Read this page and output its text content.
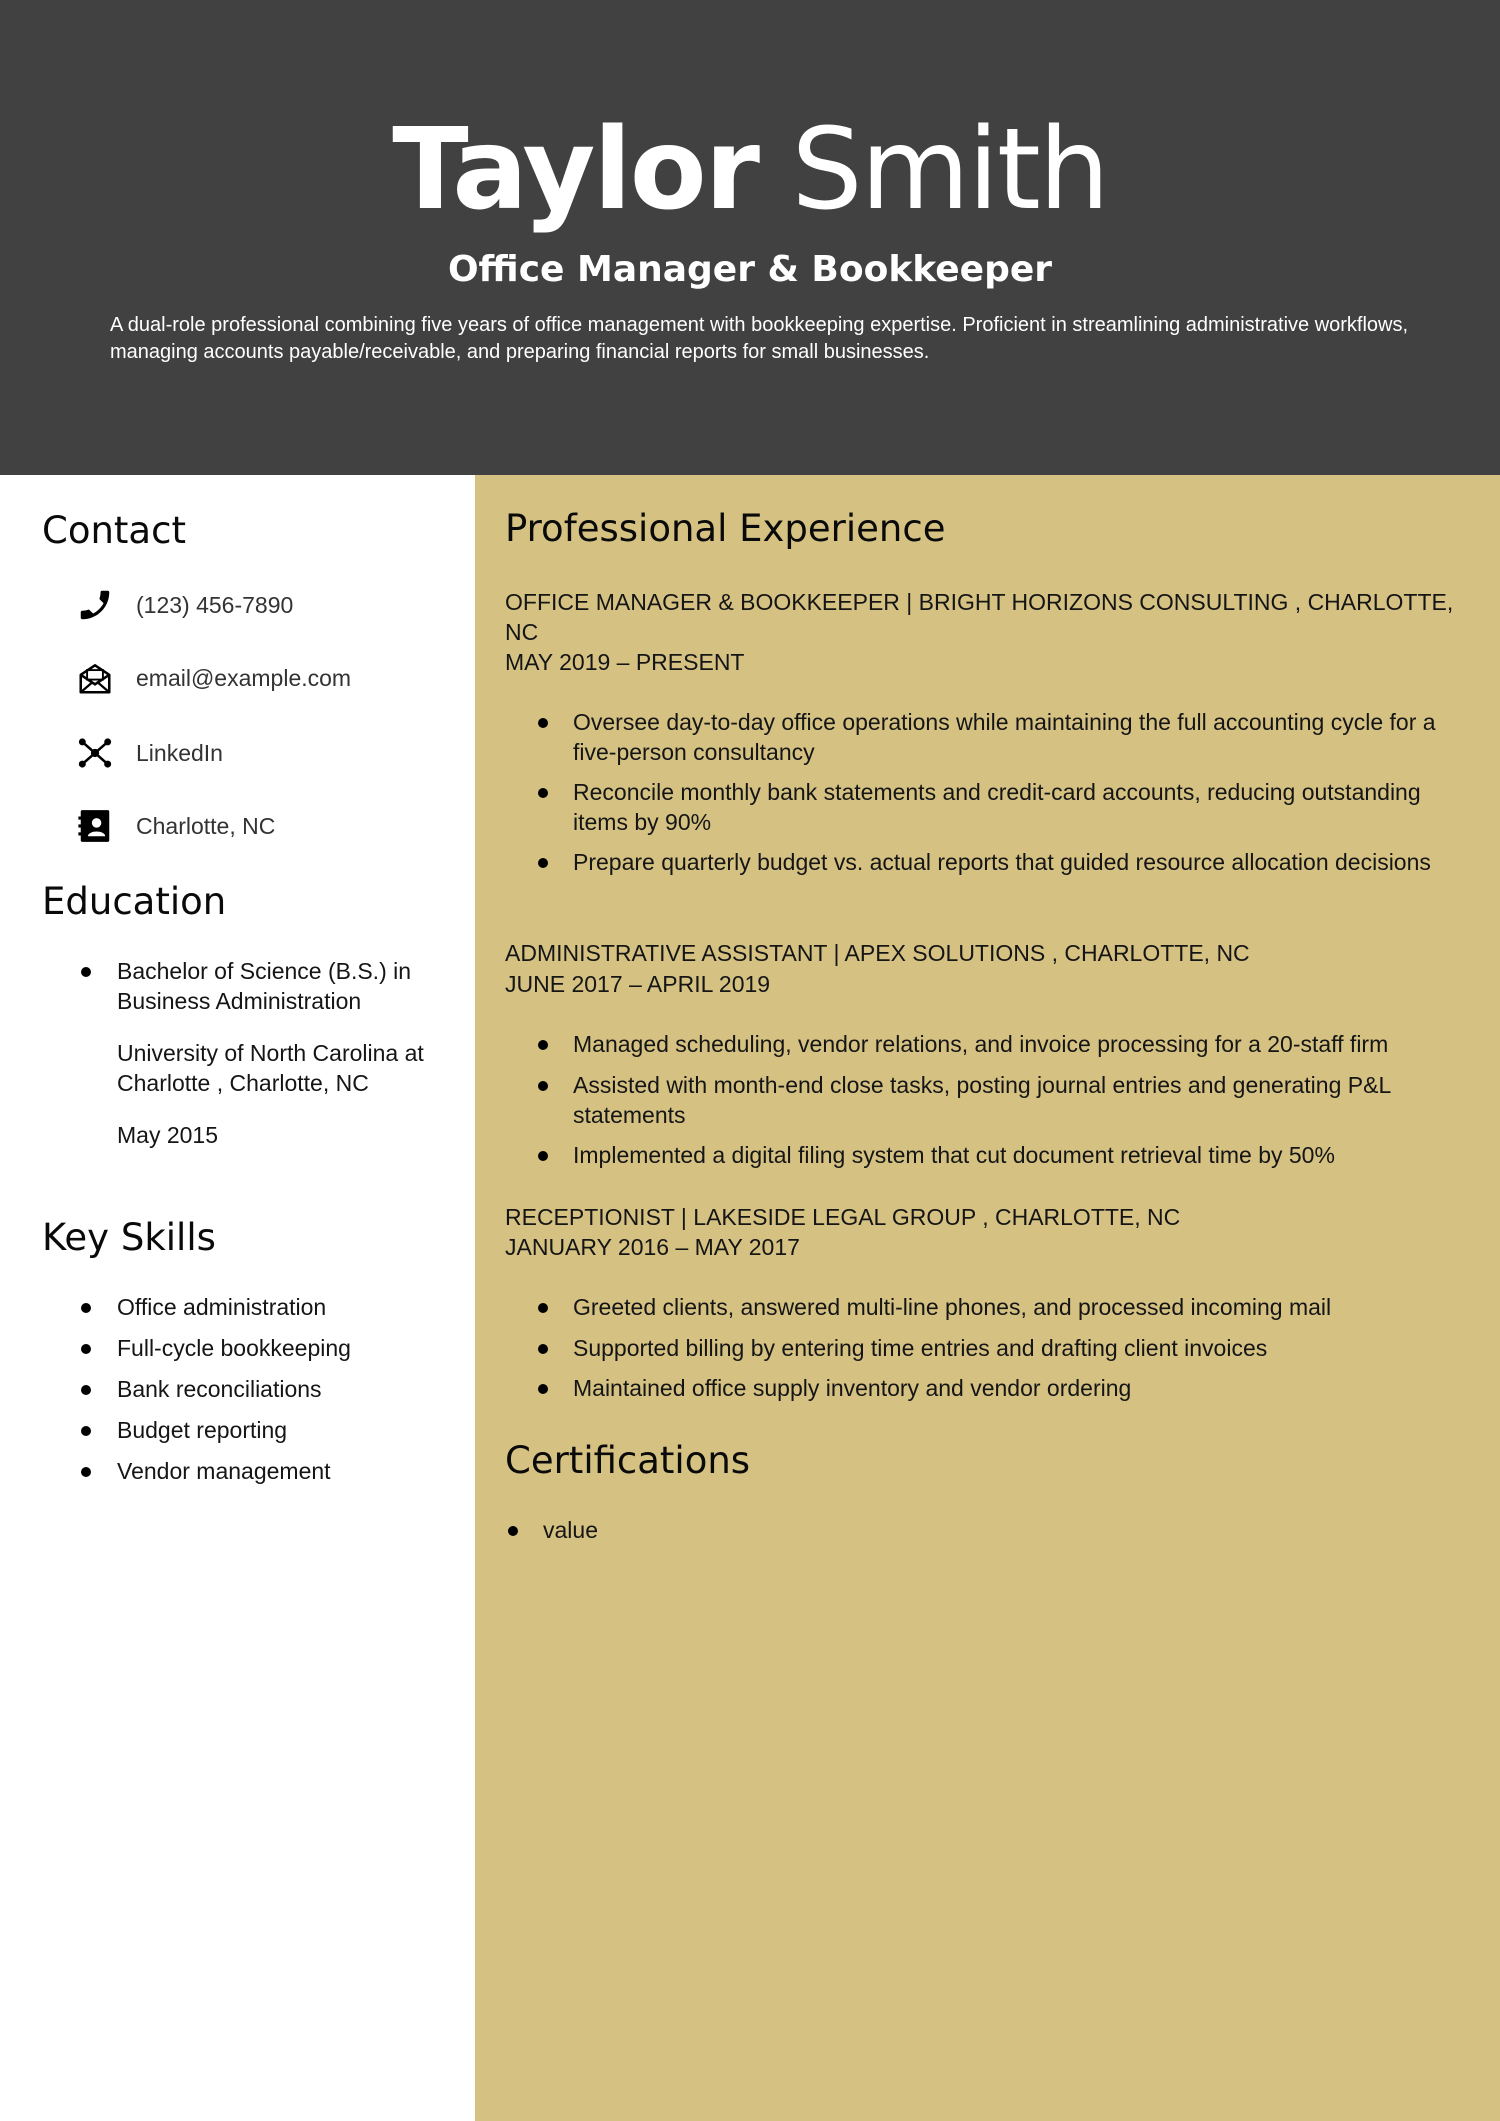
Taylor Smith
Office Manager & Bookkeeper
A dual-role professional combining five years of office management with bookkeeping expertise. Proficient in streamlining administrative workflows, managing accounts payable/receivable, and preparing financial reports for small businesses.
Contact
(123) 456-7890
email@example.com
LinkedIn
Charlotte, NC
Education
Bachelor of Science (B.S.) in Business Administration
University of North Carolina at Charlotte , Charlotte, NC
May 2015
Key Skills
Office administration
Full-cycle bookkeeping
Bank reconciliations
Budget reporting
Vendor management
Professional Experience
OFFICE MANAGER & BOOKKEEPER | BRIGHT HORIZONS CONSULTING , CHARLOTTE, NC
MAY 2019 – PRESENT
Oversee day-to-day office operations while maintaining the full accounting cycle for a five-person consultancy
Reconcile monthly bank statements and credit-card accounts, reducing outstanding items by 90%
Prepare quarterly budget vs. actual reports that guided resource allocation decisions
ADMINISTRATIVE ASSISTANT | APEX SOLUTIONS , CHARLOTTE, NC
JUNE 2017 – APRIL 2019
Managed scheduling, vendor relations, and invoice processing for a 20-staff firm
Assisted with month-end close tasks, posting journal entries and generating P&L statements
Implemented a digital filing system that cut document retrieval time by 50%
RECEPTIONIST | LAKESIDE LEGAL GROUP , CHARLOTTE, NC
JANUARY 2016 – MAY 2017
Greeted clients, answered multi-line phones, and processed incoming mail
Supported billing by entering time entries and drafting client invoices
Maintained office supply inventory and vendor ordering
Certifications
value
